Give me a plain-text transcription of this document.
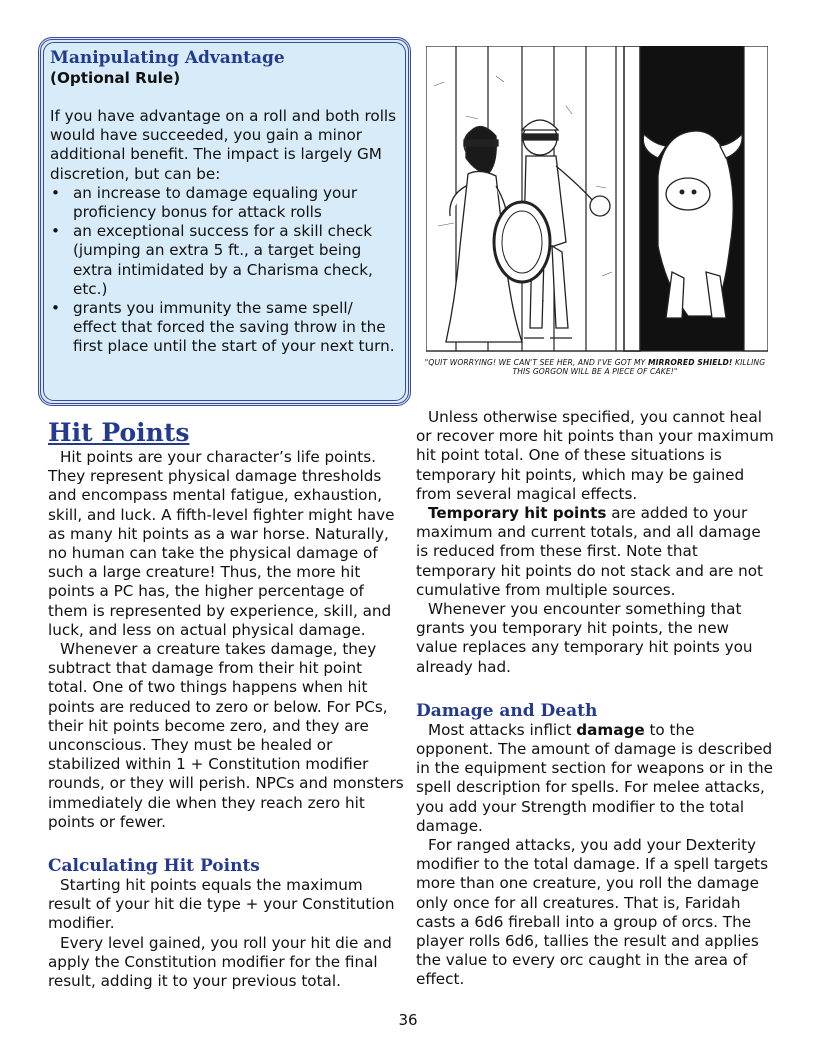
Manipulating Advantage
(Optional Rule)
If you have advantage on a roll and both rolls would have succeeded, you gain a minor additional benefit. The impact is largely GM discretion, but can be:
• an increase to damage equaling your proficiency bonus for attack rolls
• an exceptional success for a skill check (jumping an extra 5 ft., a target being extra intimidated by a Charisma check, etc.)
• grants you immunity the same spell/ effect that forced the saving throw in the first place until the start of your next turn.
"QUIT WORRYING! WE CAN'T SEE HER, AND I'VE GOT MY MIRRORED SHIELD! KILLING THIS GORGON WILL BE A PIECE OF CAKE!"
Hit Points

Hit points are your character’s life points. They represent physical damage thresholds and encompass mental fatigue, exhaustion, skill, and luck. A fifth-level fighter might have as many hit points as a war horse. Naturally, no human can take the physical damage of such a large creature! Thus, the more hit points a PC has, the higher percentage of them is represented by experience, skill, and luck, and less on actual physical damage.

Whenever a creature takes damage, they subtract that damage from their hit point total. One of two things happens when hit points are reduced to zero or below. For PCs, their hit points become zero, and they are unconscious. They must be healed or stabilized within 1 + Constitution modifier rounds, or they will perish. NPCs and monsters immediately die when they reach zero hit points or fewer.

Calculating Hit Points

Starting hit points equals the maximum result of your hit die type + your Constitution modifier.

Every level gained, you roll your hit die and apply the Constitution modifier for the final result, adding it to your previous total.

Unless otherwise specified, you cannot heal or recover more hit points than your maximum hit point total. One of these situations is temporary hit points, which may be gained from several magical effects.

Temporary hit points are added to your maximum and current totals, and all damage is reduced from these first. Note that temporary hit points do not stack and are not cumulative from multiple sources.

Whenever you encounter something that grants you temporary hit points, the new value replaces any temporary hit points you already had.

Damage and Death

Most attacks inflict damage to the opponent. The amount of damage is described in the equipment section for weapons or in the spell description for spells. For melee attacks, you add your Strength modifier to the total damage.

For ranged attacks, you add your Dexterity modifier to the total damage. If a spell targets more than one creature, you roll the damage only once for all creatures. That is, Faridah casts a 6d6 fireball into a group of orcs. The player rolls 6d6, tallies the result and applies the value to every orc caught in the area of effect.

36
